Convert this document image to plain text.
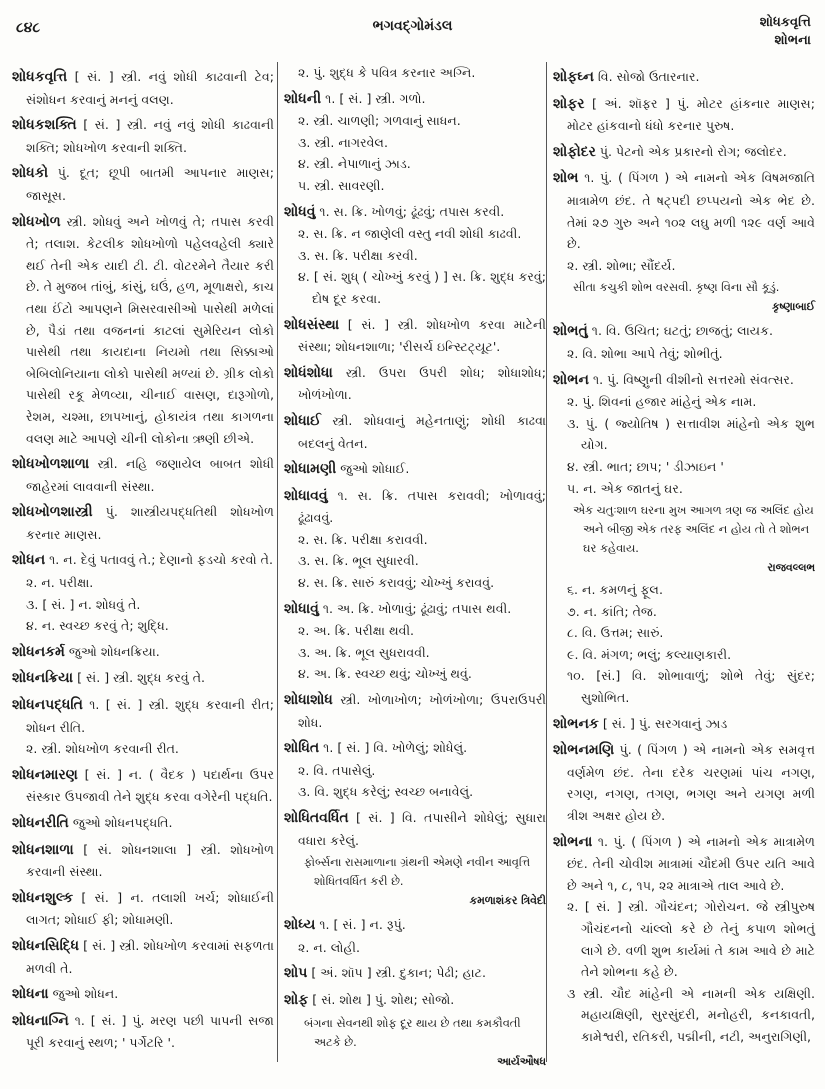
૮૪૮	ભગવદ્ગોમંડલ	શોધકવૃત્તિ
શોભના
શોધકવૃત્તિ [ સં. ] સ્ત્રી. નવું શોધી કાઢવાની ટેવ; સંશોધન કરવાનું મનનું વલણ.
શોધકશક્તિ [ સં. ] સ્ત્રી. નવું નવું શોધી કાઢવાની શક્તિ; શોધખોળ કરવાની શક્તિ.
શોધકો પું. દૂત; છૂપી બાતમી આપનાર માણસ; જાસૂસ.
શોધખોળ સ્ત્રી. શોધવું અને ખોળવું તે; તપાસ કરવી તે; તલાશ. કેટલીક શોધખોળો પહેલવહેલી ક્યારે થઈ તેની એક યાદી ટી. ટી. વોટરમેને તૈયાર કરી છે. તે મુજબ તાંબું, કાંસું, ઘઉં, હળ, મૂળાક્ષરો, કાચ તથા ઈંટો આપણને મિસરવાસીઓ પાસેથી મળેલાં છે, પૈડાં તથા વજનનાં કાટલાં સુમેરિયન લોકો પાસેથી તથા કાયદાના નિયમો તથા સિક્કાઓ બેબિલોનિયાના લોકો પાસેથી મળ્યાં છે. ગ્રીક લોકો પાસેથી રકૂ મેળવ્યા, ચીનાઈ વાસણ, દારૂગોળો, રેશમ, ચશ્મા, છાપખાનું, હોકાયંત્ર તથા કાગળના વલણ માટે આપણે ચીની લોકોના ઋણી છીએ.
શોધખોળશાળા સ્ત્રી. નહિ જણાયેલ બાબત શોધી જાહેરમાં લાવવાની સંસ્થા.
શોધખોળશાસ્ત્રી પું. શાસ્ત્રીયપદ્ધતિથી શોધખોળ કરનાર માણસ.
શોધન ૧. ન. દેવું પતાવવું તે.; દેણાનો ફડચો કરવો તે.
૨. ન. પરીક્ષા.
૩. [ સં. ] ન. શોધવું તે.
૪. ન. સ્વચ્છ કરવું તે; શુદ્ધિ.
શોધનકર્મ જુઓ શોધનક્રિયા.
શોધનક્રિયા [ સં. ] સ્ત્રી. શુદ્ધ કરવું તે.
શોધનપદ્ધતિ ૧. [ સં. ] સ્ત્રી. શુદ્ધ કરવાની રીત; શોધન રીતિ.
૨. સ્ત્રી. શોધખોળ કરવાની રીત.
શોધનમારણ [ સં. ] ન. ( વૈદક ) પદાર્થના ઉપર સંસ્કાર ઉપજાવી તેને શુદ્ધ કરવા વગેરેની પદ્ધતિ.
શોધનરીતિ જુઓ શોધનપદ્ધતિ.
શોધનશાળા [ સં. શોધનશાલા ] સ્ત્રી. શોધખોળ કરવાની સંસ્થા.
શોધનશુલ્ક [ સં. ] ન. તલાશી ખર્ચ; શોધાઈની લાગત; શોધાઈ ફી; શોધામણી.
શોધનસિદ્ધિ [ સં. ] સ્ત્રી. શોધખોળ કરવામાં સફળતા મળવી તે.
શોધના જુઓ શોધન.
શોધનાગ્નિ ૧. [ સં. ] પું. મરણ પછી પાપની સજા પૂરી કરવાનું સ્થળ; ' પર્ગેટરિ '.
૨. પું. શુદ્ધ કે પવિત્ર કરનાર અગ્નિ.
શોધની ૧. [ સં. ] સ્ત્રી. ગળો.
૨. સ્ત્રી. ચાળણી; ગળવાનું સાધન.
૩. સ્ત્રી. નાગરવેલ.
૪. સ્ત્રી. નેપાળાનું ઝાડ.
૫. સ્ત્રી. સાવરણી.
શોધવું ૧. સ. ક્રિ. ખોળવું; ઢૂંઢવું; તપાસ કરવી.
૨. સ. ક્રિ. ન જાણેલી વસ્તુ નવી શોધી કાઢવી.
૩. સ. ક્રિ. પરીક્ષા કરવી.
૪. [ સં. શુધ્ ( ચોખ્ખું કરવું ) ] સ. ક્રિ. શુદ્ધ કરવું; દોષ દૂર કરવા.
શોધસંસ્થા [ સં. ] સ્ત્રી. શોધખોળ કરવા માટેની સંસ્થા; શોધનશાળા; 'રીસર્ચ ઇન્સ્ટિટ્યૂટ'.
શોધંશોધા સ્ત્રી. ઉપરા ઉપરી શોધ; શોધાશોધ; ખોળંખોળા.
શોધાઈ સ્ત્રી. શોધવાનું મહેનતાણું; શોધી કાઢવા બદલનું વેતન.
શોધામણી જુઓ શોધાઈ.
શોધાવવું ૧. સ. ક્રિ. તપાસ કરાવવી; ખોળાવવું; ઢૂંઢાવવું.
૨. સ. ક્રિ. પરીક્ષા કરાવવી.
૩. સ. ક્રિ. ભૂલ સુધારવી.
૪. સ. ક્રિ. સારું કરાવવું; ચોખ્ખું કરાવવું.
શોધાવું ૧. અ. ક્રિ. ખોળાવું; ઢૂંઢાવું; તપાસ થવી.
૨. અ. ક્રિ. પરીક્ષા થવી.
૩. અ. ક્રિ. ભૂલ સુધરાવવી.
૪. અ. ક્રિ. સ્વચ્છ થવું; ચોખ્ખું થવું.
શોધાશોધ સ્ત્રી. ખોળાખોળ; ખોળંખોળા; ઉપરાઉપરી શોધ.
શોધિત ૧. [ સં. ] વિ. ખોળેલું; શોધેલું.
૨. વિ. તપાસેલું.
૩. વિ. શુદ્ધ કરેલું; સ્વચ્છ બનાવેલું.
શોધિતવર્ધિત [ સં. ] વિ. તપાસીને શોધેલું; સુધારા વધારા કરેલું.
ફોર્બ્સના રાસમાળાના ગ્રંથની એમણે નવીન આવૃત્તિ શોધિતવર્ધિત કરી છે.
કમળાશંકર ત્રિવેદી
શોધ્ય ૧. [ સં. ] ન. રૂપું.
૨. ન. લોહી.
શોપ [ અં. શૉપ ] સ્ત્રી. દુકાન; પેઢી; હાટ.
શોફ [ સં. શોથ ] પું. શોથ; સોજો.
બંગના સેવનથી શોફ દૂર થાય છે તથા કમકૌવતી અટકે છે.
આર્યઔષધ
શોફઘ્ન વિ. સોજો ઉતારનાર.
શોફર [ અં. શૉફર ] પું. મોટર હાંકનાર માણસ; મોટર હાંકવાનો ધંધો કરનાર પુરુષ.
શોફોદર પું. પેટનો એક પ્રકારનો રોગ; જલોદર.
શોભ ૧. પું. ( પિંગળ ) એ નામનો એક વિષમજાતિ માત્રામેળ છંદ. તે ષટ્પદી છપ્પયનો એક ભેદ છે. તેમાં ૨૭ ગુરુ અને ૧૦૨ લઘુ મળી ૧૨૯ વર્ણ આવે છે.
૨. સ્ત્રી. શોભા; સૌંદર્ય.
સીતા કચુકી શોભ વરસવી. કૃષ્ણ વિના સૌ કૂડું.
કૃષ્ણાબાઈ
શોભતું ૧. વિ. ઉચિત; ઘટતું; છાજતું; લાયક.
૨. વિ. શોભા આપે તેવું; શોભીતું.
શોભન ૧. પું. વિષ્ણુની વીશીનો સત્તરમો સંવત્સર.
૨. પું. શિવનાં હજાર માંહેનું એક નામ.
૩. પું. ( જ્યોતિષ ) સત્તાવીશ માંહેનો એક શુભ યોગ.
૪. સ્ત્રી. ભાત; છાપ; ' ડીઝાઇન '
૫. ન. એક જાતનું ઘર.
એક ચતુઃશાળ ઘરના મુખ આગળ ત્રણ જ અલિંદ હોય અને બીજી એક તરફ અલિંદ ન હોય તો તે શોભન ઘર કહેવાય.
રાજવલ્લભ
૬. ન. કમળનું ફૂલ.
૭. ન. કાંતિ; તેજ.
૮. વિ. ઉત્તમ; સારું.
૯. વિ. મંગળ; ભલું; કલ્યાણકારી.
૧૦. [સં.] વિ. શોભાવાળું; શોભે તેવું; સુંદર; સુશોભિત.
શોભનક [ સં. ] પું. સરગવાનું ઝાડ
શોભનમણિ પું. ( પિંગળ ) એ નામનો એક સમવૃત્ત વર્ણમેળ છંદ. તેના દરેક ચરણમાં પાંચ નગણ, રગણ, નગણ, તગણ, ભગણ અને યગણ મળી ત્રીશ અક્ષર હોય છે.
શોભના ૧. પું. ( પિંગળ ) એ નામનો એક માત્રામેળ છંદ. તેની ચોવીશ માત્રામાં ચૌદમી ઉપર યતિ આવે છે અને ૧, ૮, ૧૫, ૨૨ માત્રાએ તાલ આવે છે.
૨. [ સં. ] સ્ત્રી. ગૌચંદન; ગોરોચન. જે સ્ત્રીપુરુષ ગૌચંદનનો ચાંલ્લો કરે છે તેનું કપાળ શોભતું લાગે છે. વળી શુભ કાર્યમાં તે કામ આવે છે માટે તેને શોભના કહે છે.
૩ સ્ત્રી. ચૌદ માંહેની એ નામની એક યક્ષિણી. મહાયક્ષિણી, સુરસુંદરી, મનોહરી, કનકાવતી, કામેશ્વરી, રતિકરી, પદ્મીની, નટી, અનુરાગિણી,
